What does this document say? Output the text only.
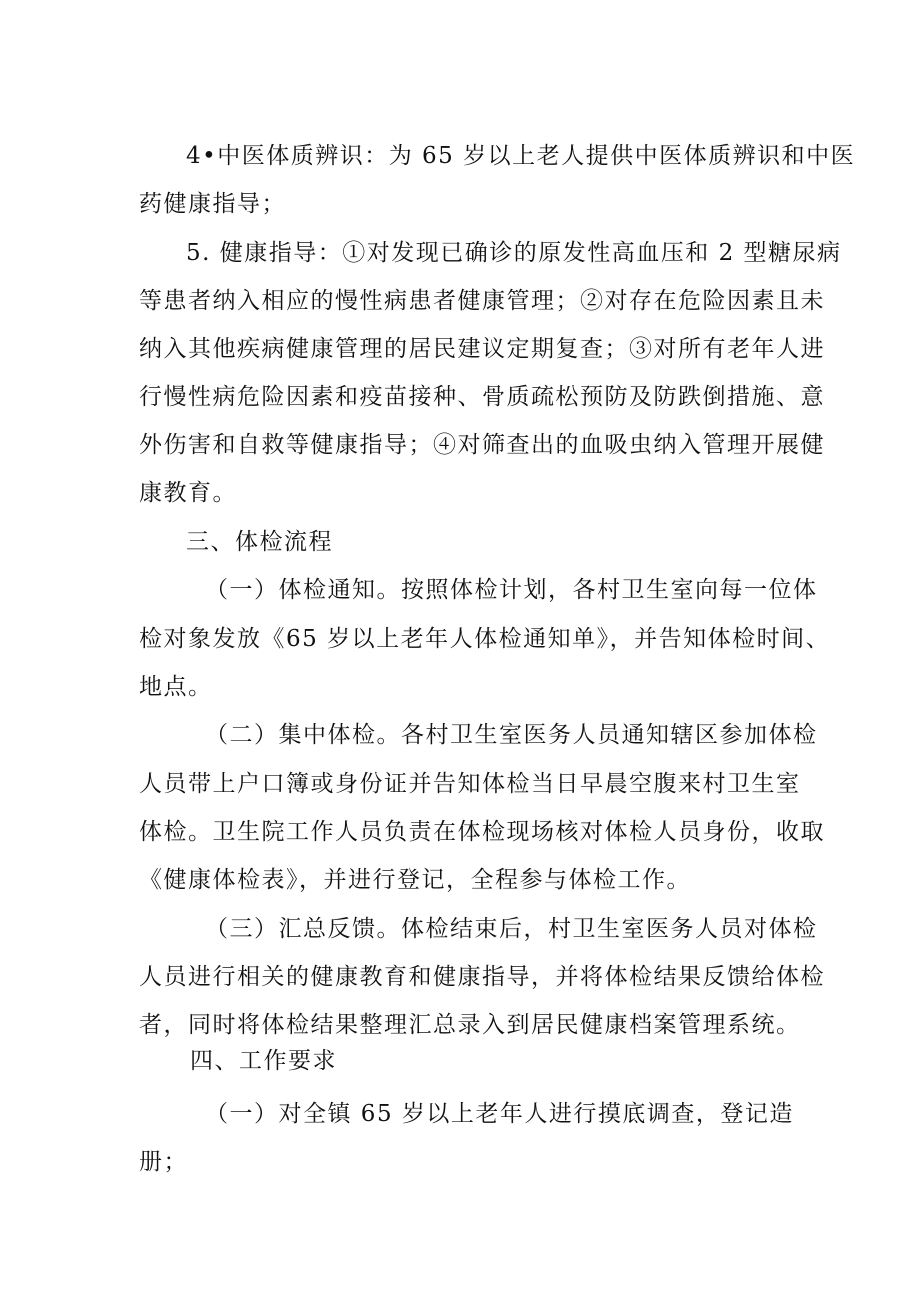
4•中医体质辨识：为 65 岁以上老人提供中医体质辨识和中医
药健康指导；
5. 健康指导：①对发现已确诊的原发性高血压和 2 型糖尿病
等患者纳入相应的慢性病患者健康管理；②对存在危险因素且未
纳入其他疾病健康管理的居民建议定期复查；③对所有老年人进
行慢性病危险因素和疫苗接种、骨质疏松预防及防跌倒措施、意
外伤害和自救等健康指导；④对筛查出的血吸虫纳入管理开展健
康教育。
三、体检流程
（一）体检通知。按照体检计划，各村卫生室向每一位体
检对象发放《65 岁以上老年人体检通知单》，并告知体检时间、
地点。
（二）集中体检。各村卫生室医务人员通知辖区参加体检
人员带上户口簿或身份证并告知体检当日早晨空腹来村卫生室
体检。卫生院工作人员负责在体检现场核对体检人员身份，收取
《健康体检表》，并进行登记，全程参与体检工作。
（三）汇总反馈。体检结束后，村卫生室医务人员对体检
人员进行相关的健康教育和健康指导，并将体检结果反馈给体检
者，同时将体检结果整理汇总录入到居民健康档案管理系统。
四、工作要求
（一）对全镇 65 岁以上老年人进行摸底调查，登记造
册；
